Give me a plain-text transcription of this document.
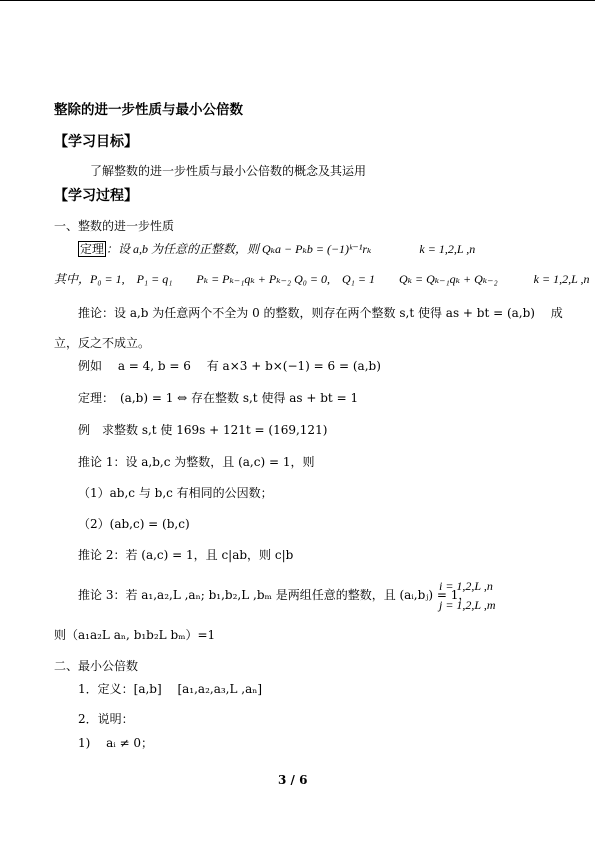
整除的进一步性质与最小公倍数
【学习目标】
了解整数的进一步性质与最小公倍数的概念及其运用
【学习过程】
一、整数的进一步性质
定理 ：设 a,b 为任意的正整数，则 Qₖa − Pₖb = (−1)ᵏ⁻¹rₖ　　　　k = 1,2,L ,n
其中，P₀ = 1,　P₁ = q₁　　Pₖ = Pₖ₋₁qₖ + Pₖ₋₂ Q₀ = 0,　Q₁ = 1　　Qₖ = Qₖ₋₁qₖ + Qₖ₋₂　　　k = 1,2,L ,n
推论：设 a,b 为任意两个不全为 0 的整数，则存在两个整数 s,t 使得 as + bt = (a,b)　 成
立，反之不成立。
例如　 a = 4, b = 6　 有 a×3 + b×(−1) = 6 = (a,b)
定理：　(a,b) = 1 ⇔ 存在整数 s,t 使得 as + bt = 1
例　求整数 s,t 使 169s + 121t = (169,121)
推论 1：设 a,b,c 为整数，且 (a,c) = 1，则
（1）ab,c 与 b,c 有相同的公因数；
（2）(ab,c) = (b,c)
推论 2：若 (a,c) = 1，且 c|ab，则 c|b
推论 3：若 a₁,a₂,L ,aₙ; b₁,b₂,L ,bₘ 是两组任意的整数，且 (aᵢ,bⱼ) = 1，
i = 1,2,L ,n
j = 1,2,L ,m
则（a₁a₂L aₙ, b₁b₂L bₘ）=1
二、最小公倍数
1．定义：[a,b]　 [a₁,a₂,a₃,L ,aₙ]
2．说明：
1)　 aᵢ ≠ 0；
3 / 6
